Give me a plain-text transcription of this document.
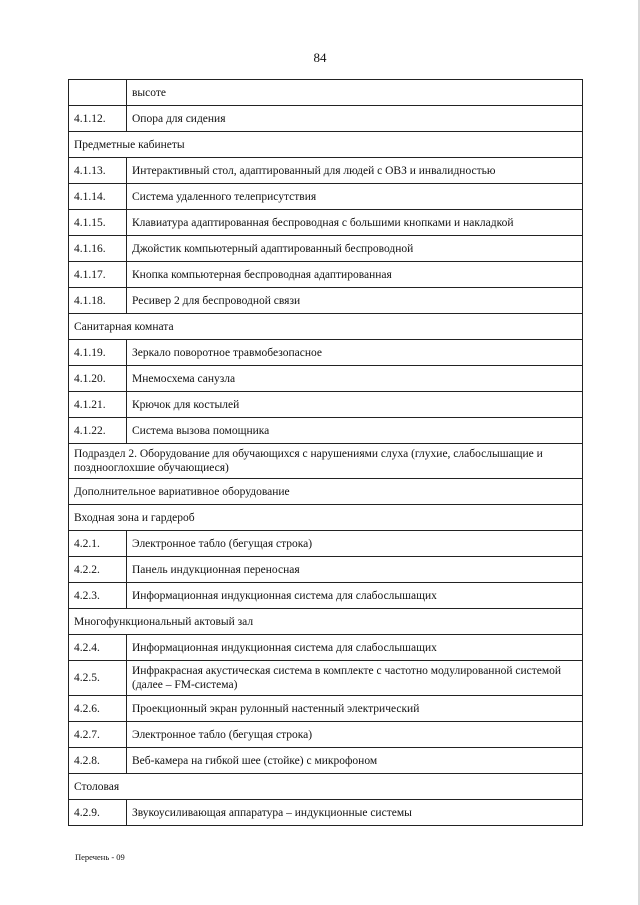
84
	высоте
4.1.12.	Опора для сидения
Предметные кабинеты	
4.1.13.	Интерактивный стол, адаптированный для людей с ОВЗ и инвалидностью
4.1.14.	Система удаленного телеприсутствия
4.1.15.	Клавиатура адаптированная беспроводная с большими кнопками и накладкой
4.1.16.	Джойстик компьютерный адаптированный беспроводной
4.1.17.	Кнопка компьютерная беспроводная адаптированная
4.1.18.	Ресивер 2 для беспроводной связи
Санитарная комната	
4.1.19.	Зеркало поворотное травмобезопасное
4.1.20.	Мнемосхема санузла
4.1.21.	Крючок для костылей
4.1.22.	Система вызова помощника
Подраздел 2. Оборудование для обучающихся с нарушениями слуха (глухие, слабослышащие и позднооглохшие обучающиеся)	
Дополнительное вариативное оборудование	
Входная зона и гардероб	
4.2.1.	Электронное табло (бегущая строка)
4.2.2.	Панель индукционная переносная
4.2.3.	Информационная индукционная система для слабослышащих
Многофункциональный актовый зал	
4.2.4.	Информационная индукционная система для слабослышащих
4.2.5.	Инфракрасная акустическая система в комплекте с частотно модулированной системой (далее – FM-система)
4.2.6.	Проекционный экран рулонный настенный электрический
4.2.7.	Электронное табло (бегущая строка)
4.2.8.	Веб-камера на гибкой шее (стойке) с микрофоном
Столовая	
4.2.9.	Звукоусиливающая аппаратура – индукционные системы
Перечень - 09
